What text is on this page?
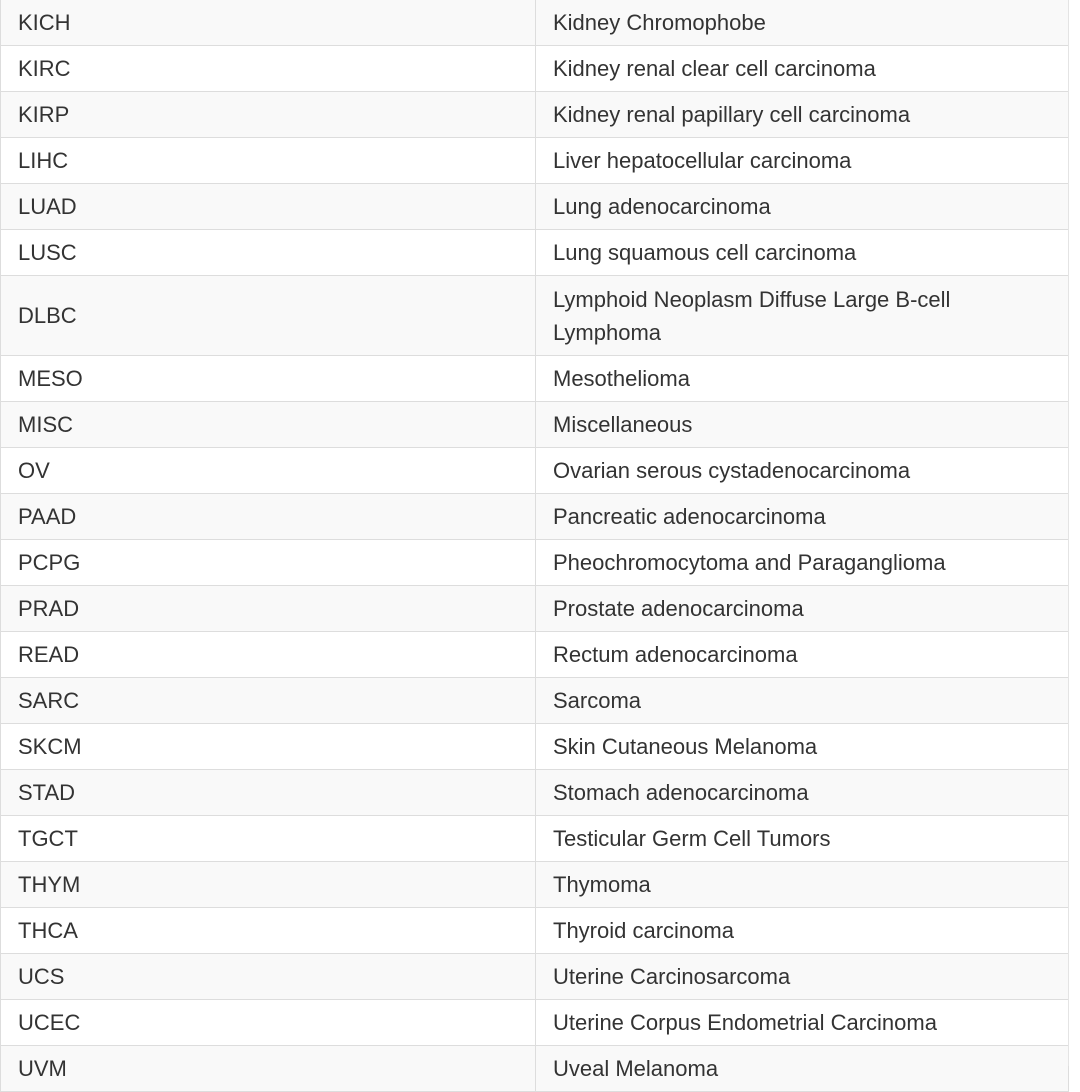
KICH	Kidney Chromophobe
KIRC	Kidney renal clear cell carcinoma
KIRP	Kidney renal papillary cell carcinoma
LIHC	Liver hepatocellular carcinoma
LUAD	Lung adenocarcinoma
LUSC	Lung squamous cell carcinoma
DLBC	Lymphoid Neoplasm Diffuse Large B-cell Lymphoma
MESO	Mesothelioma
MISC	Miscellaneous
OV	Ovarian serous cystadenocarcinoma
PAAD	Pancreatic adenocarcinoma
PCPG	Pheochromocytoma and Paraganglioma
PRAD	Prostate adenocarcinoma
READ	Rectum adenocarcinoma
SARC	Sarcoma
SKCM	Skin Cutaneous Melanoma
STAD	Stomach adenocarcinoma
TGCT	Testicular Germ Cell Tumors
THYM	Thymoma
THCA	Thyroid carcinoma
UCS	Uterine Carcinosarcoma
UCEC	Uterine Corpus Endometrial Carcinoma
UVM	Uveal Melanoma
